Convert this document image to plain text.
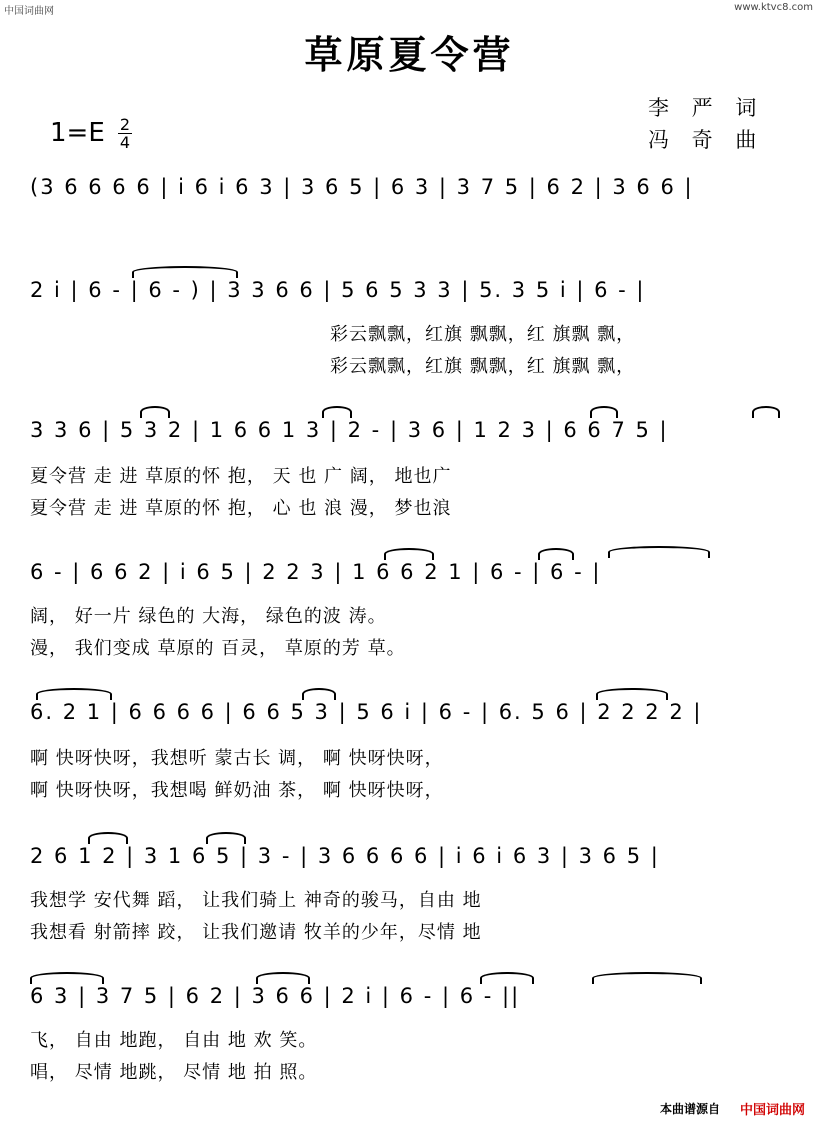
中国词曲网	www.ktvc8.com
草原夏令营
$1=E \frac{2}{4}$
李 严 词
冯 奇 曲
(3 6 6 6 6 | i 6 i 6 3 | 3 6 5 | 6 3 | 3 7 5 | 6 2 | 3 6 6 |
2 i | 6 - | 6 - ) | 3 3 6 6 | 5 6 5 3 3 | 5. 3 5 i | 6 - |
彩云飘飘，红旗 飘飘，红 旗飘 飘，
彩云飘飘，红旗 飘飘，红 旗飘 飘，
3 3 6 | 5 3 2 | 1 6 6 1 3 | 2 - | 3 6 | 1 2 3 | 6 6 7 5 |
夏令营 走 进 草原的怀 抱， 天 也 广 阔， 地也广
夏令营 走 进 草原的怀 抱， 心 也 浪 漫， 梦也浪
6 - | 6 6 2 | i 6 5 | 2 2 3 | 1 6 6 2 1 | 6 - | 6 - |
阔， 好一片 绿色的 大海， 绿色的波 涛。
漫， 我们变成 草原的 百灵， 草原的芳 草。
6. 2 1 | 6 6 6 6 | 6 6 5 3 | 5 6 i | 6 - | 6. 5 6 | 2 2 2 2 |
啊 快呀快呀，我想听 蒙古长 调， 啊 快呀快呀，
啊 快呀快呀，我想喝 鲜奶油 茶， 啊 快呀快呀，
2 6 1 2 | 3 1 6 5 | 3 - | 3 6 6 6 6 | i 6 i 6 3 | 3 6 5 |
我想学 安代舞 蹈， 让我们骑上 神奇的骏马，自由 地
我想看 射箭摔 跤， 让我们邀请 牧羊的少年，尽情 地
6 3 | 3 7 5 | 6 2 | 3 6 6 | 2 i | 6 - | 6 - ||
飞， 自由 地跑， 自由 地 欢 笑。
唱， 尽情 地跳， 尽情 地 拍 照。
本曲谱源自 中国词曲网
